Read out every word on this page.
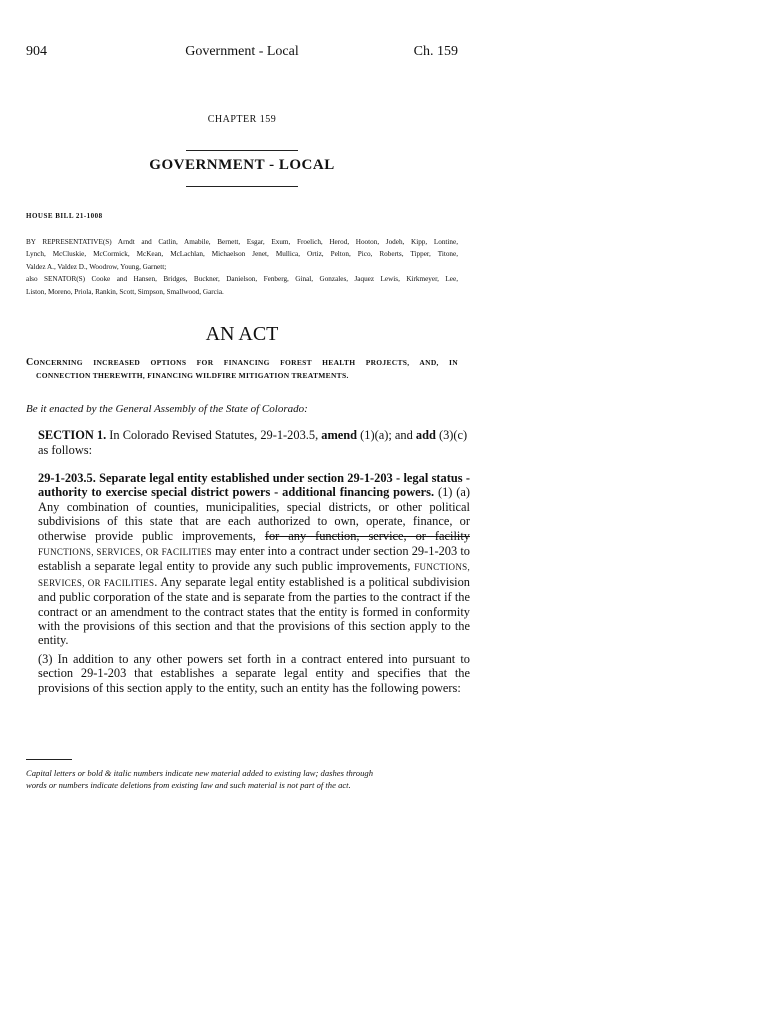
904	Government - Local	Ch. 159
CHAPTER 159
GOVERNMENT - LOCAL
HOUSE BILL 21-1008
BY REPRESENTATIVE(S) Arndt and Catlin, Amabile, Bernett, Esgar, Exum, Froelich, Herod, Hooton, Jodeh, Kipp, Lontine,
Lynch, McCluskie, McCormick, McKean, McLachlan, Michaelson Jenet, Mullica, Ortiz, Pelton, Pico, Roberts, Tipper, Titone,
Valdez A., Valdez D., Woodrow, Young, Garnett;
also SENATOR(S) Cooke and Hansen, Bridges, Buckner, Danielson, Fenberg, Ginal, Gonzales, Jaquez Lewis, Kirkmeyer, Lee,
Liston, Moreno, Priola, Rankin, Scott, Simpson, Smallwood, Garcia.
AN ACT
CONCERNING INCREASED OPTIONS FOR FINANCING FOREST HEALTH PROJECTS, AND, IN
CONNECTION THEREWITH, FINANCING WILDFIRE MITIGATION TREATMENTS.
Be it enacted by the General Assembly of the State of Colorado:
SECTION 1. In Colorado Revised Statutes, 29-1-203.5, amend (1)(a); and add (3)(c) as follows:
29-1-203.5. Separate legal entity established under section 29-1-203 - legal status - authority to exercise special district powers - additional financing powers. (1) (a) Any combination of counties, municipalities, special districts, or other political subdivisions of this state that are each authorized to own, operate, finance, or otherwise provide public improvements, for any function, service, or facility FUNCTIONS, SERVICES, OR FACILITIES may enter into a contract under section 29-1-203 to establish a separate legal entity to provide any such public improvements, FUNCTIONS, SERVICES, OR FACILITIES. Any separate legal entity established is a political subdivision and public corporation of the state and is separate from the parties to the contract if the contract or an amendment to the contract states that the entity is formed in conformity with the provisions of this section and that the provisions of this section apply to the entity.
(3) In addition to any other powers set forth in a contract entered into pursuant to section 29-1-203 that establishes a separate legal entity and specifies that the provisions of this section apply to the entity, such an entity has the following powers:
Capital letters or bold & italic numbers indicate new material added to existing law; dashes through
words or numbers indicate deletions from existing law and such material is not part of the act.
